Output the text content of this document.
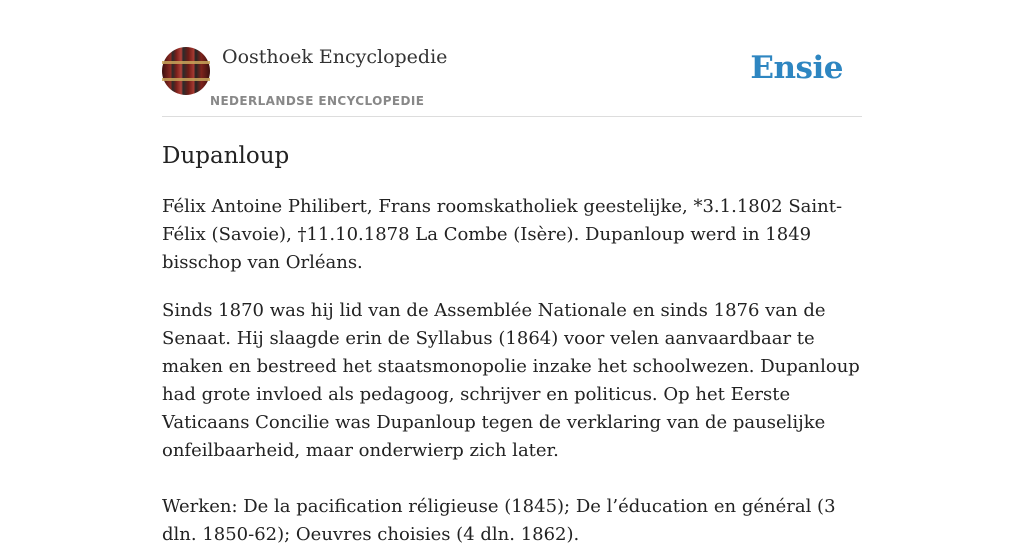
Oosthoek Encyclopedie
NEDERLANDSE ENCYCLOPEDIE
Ensie
Dupanloup

Félix Antoine Philibert, Frans roomskatholiek geestelijke, *3.1.1802 Saint-Félix (Savoie), †11.10.1878 La Combe (Isère). Dupanloup werd in 1849 bisschop van Orléans.

Sinds 1870 was hij lid van de Assemblée Nationale en sinds 1876 van de Senaat. Hij slaagde erin de Syllabus (1864) voor velen aanvaardbaar te maken en bestreed het staatsmonopolie inzake het schoolwezen. Dupanloup had grote invloed als pedagoog, schrijver en politicus. Op het Eerste Vaticaans Concilie was Dupanloup tegen de verklaring van de pauselijke onfeilbaarheid, maar onderwierp zich later.

Werken: De la pacification réligieuse (1845); De l’éducation en général (3 dln. 1850-62); Oeuvres choisies (4 dln. 1862).
